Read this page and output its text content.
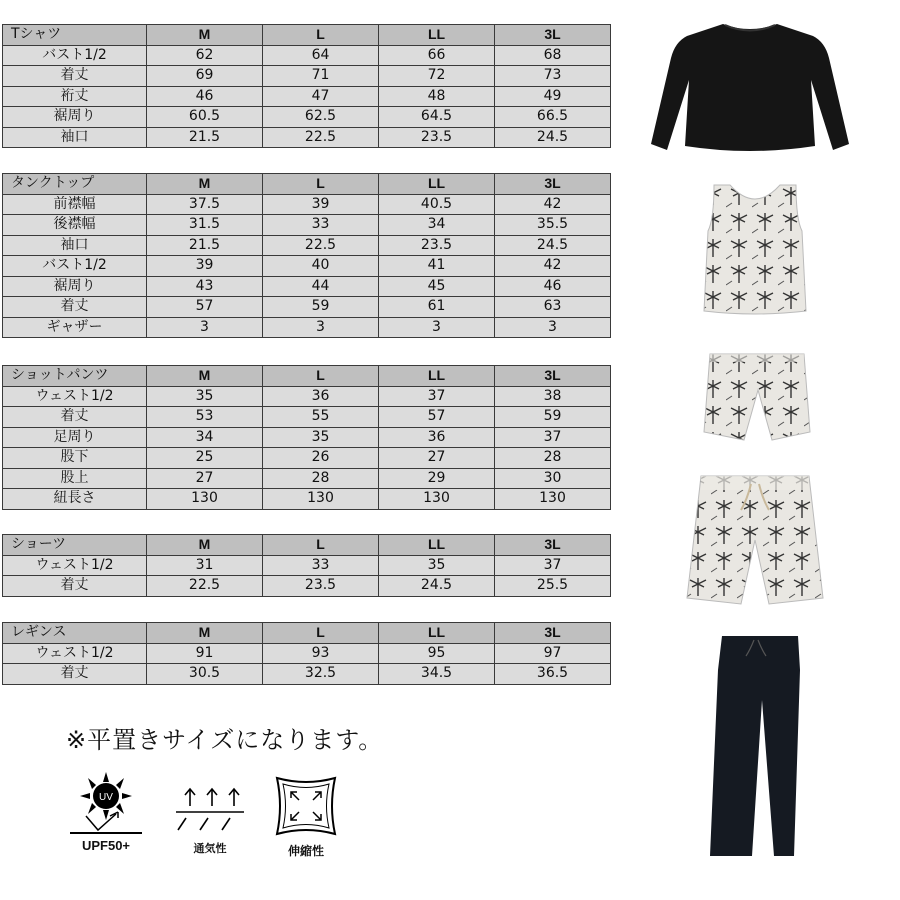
Tシャツ	M	L	LL	3L
バスト1/2	62	64	66	68
着丈	69	71	72	73
裄丈	46	47	48	49
裾周り	60.5	62.5	64.5	66.5
袖口	21.5	22.5	23.5	24.5
タンクトップ	M	L	LL	3L
前襟幅	37.5	39	40.5	42
後襟幅	31.5	33	34	35.5
袖口	21.5	22.5	23.5	24.5
バスト1/2	39	40	41	42
裾周り	43	44	45	46
着丈	57	59	61	63
ギャザー	3	3	3	3
ショットパンツ	M	L	LL	3L
ウェスト1/2	35	36	37	38
着丈	53	55	57	59
足周り	34	35	36	37
股下	25	26	27	28
股上	27	28	29	30
紐長さ	130	130	130	130
ショーツ	M	L	LL	3L
ウェスト1/2	31	33	35	37
着丈	22.5	23.5	24.5	25.5
レギンス	M	L	LL	3L
ウェスト1/2	91	93	95	97
着丈	30.5	32.5	34.5	36.5
※平置きサイズになります。
UV
UPF50+	通気性	伸縮性
